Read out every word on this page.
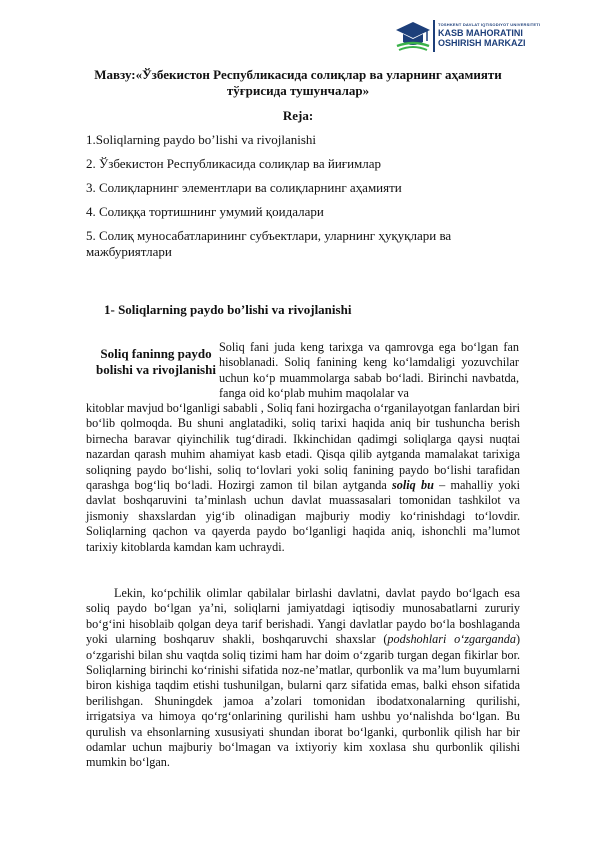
TOSHKENT DAVLAT IQTISODIYOT UNIVERSITETI
KASB MAHORATINI
OSHIRISH MARKAZI
Мавзу:«Ўзбекистон Республикасида солиқлар ва уларнинг аҳамияти тўғрисида тушунчалар»
Reja:
1.Soliqlarning paydo bo’lishi va rivojlanishi
2. Ўзбекистон Республикасида солиқлар ва йиғимлар
3. Солиқларнинг элементлари ва солиқларнинг аҳамияти
4. Солиққа тортишнинг умумий қоидалари
5. Солиқ муносабатларининг субъектлари, уларнинг ҳуқуқлари ва мажбуриятлари
1- Soliqlarning paydo bo’lishi va rivojlanishi
Soliq faninng paydo bolishi va rivojlanishi

Soliq fani juda keng tarixga va qamrovga ega bo‘lgan fan hisoblanadi. Soliq fanining keng ko‘lamdaligi yozuvchilar uchun ko‘p muammolarga sabab bo‘ladi. Birinchi navbatda, fanga oid ko‘plab muhim maqolalar va

kitoblar mavjud bo‘lganligi sababli , Soliq fani hozirgacha o‘rganilayotgan fanlardan biri bo‘lib qolmoqda. Bu shuni anglatadiki, soliq tarixi haqida aniq bir tushuncha berish birnecha baravar qiyinchilik tug‘diradi. Ikkinchidan qadimgi soliqlarga qaysi nuqtai nazardan qarash muhim ahamiyat kasb etadi. Qisqa qilib aytganda mamalakat tarixiga soliqning paydo bo‘lishi, soliq to‘lovlari yoki soliq fanining paydo bo‘lishi tarafidan qarashga bog‘liq bo‘ladi. Hozirgi zamon til bilan aytganda soliq bu – mahalliy yoki davlat boshqaruvini ta’minlash uchun davlat muassasalari tomonidan tashkilot va jismoniy shaxslardan yig‘ib olinadigan majburiy modiy ko‘rinishdagi to‘lovdir. Soliqlarning qachon va qayerda paydo bo‘lganligi haqida aniq, ishonchli ma’lumot tarixiy kitoblarda kamdan kam uchraydi.

Lekin, ko‘pchilik olimlar qabilalar birlashi davlatni, davlat paydo bo‘lgach esa soliq paydo bo‘lgan ya’ni, soliqlarni jamiyatdagi iqtisodiy munosabatlarni zururiy bo‘g‘ini hisoblaib qolgan deya tarif berishadi. Yangi davlatlar paydo bo‘la boshlaganda yoki ularning boshqaruv shakli, boshqaruvchi shaxslar (podshohlari o‘zgarganda) o‘zgarishi bilan shu vaqtda soliq tizimi ham har doim o‘zgarib turgan degan fikirlar bor. Soliqlarning birinchi ko‘rinishi sifatida noz-ne’matlar, qurbonlik va ma’lum buyumlarni biron kishiga taqdim etishi tushunilgan, bularni qarz sifatida emas, balki ehson sifatida berilishgan. Shuningdek jamoa a’zolari tomonidan ibodatxonalarning qurilishi, irrigatsiya va himoya qo‘rg‘onlarining qurilishi ham ushbu yo‘nalishda bo‘lgan. Bu qurulish va ehsonlarning xususiyati shundan iborat bo‘lganki, qurbonlik qilish har bir odamlar uchun majburiy bo‘lmagan va ixtiyoriy kim xoxlasa shu qurbonlik qilishi mumkin bo‘lgan.
